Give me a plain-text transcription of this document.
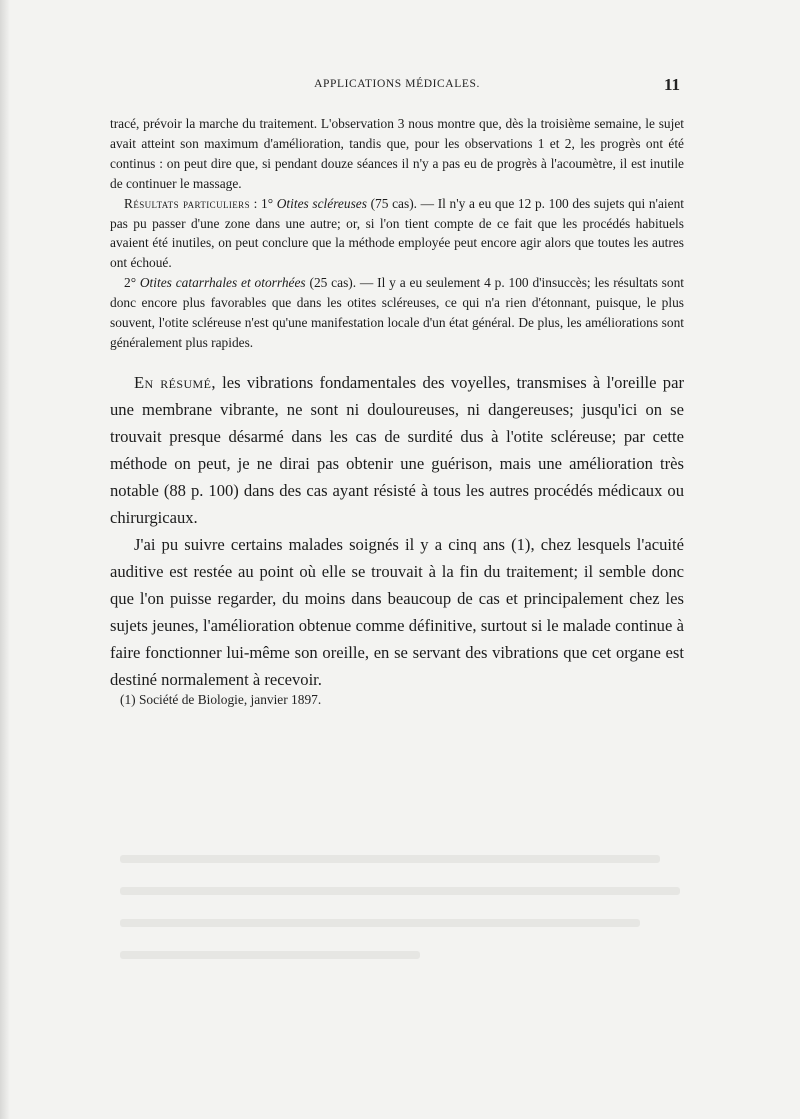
APPLICATIONS MÉDICALES.	11

tracé, prévoir la marche du traitement. L'observation 3 nous montre que, dès la troisième semaine, le sujet avait atteint son maximum d'amélioration, tandis que, pour les observations 1 et 2, les progrès ont été continus : on peut dire que, si pendant douze séances il n'y a pas eu de progrès à l'acoumètre, il est inutile de continuer le massage.

Résultats particuliers : 1° Otites scléreuses (75 cas). — Il n'y a eu que 12 p. 100 des sujets qui n'aient pas pu passer d'une zone dans une autre; or, si l'on tient compte de ce fait que les procédés habituels avaient été inutiles, on peut conclure que la méthode employée peut encore agir alors que toutes les autres ont échoué.

2° Otites catarrhales et otorrhées (25 cas). — Il y a eu seulement 4 p. 100 d'insuccès; les résultats sont donc encore plus favorables que dans les otites scléreuses, ce qui n'a rien d'étonnant, puisque, le plus souvent, l'otite scléreuse n'est qu'une manifestation locale d'un état général. De plus, les améliorations sont généralement plus rapides.

En résumé, les vibrations fondamentales des voyelles, transmises à l'oreille par une membrane vibrante, ne sont ni douloureuses, ni dangereuses; jusqu'ici on se trouvait presque désarmé dans les cas de surdité dus à l'otite scléreuse; par cette méthode on peut, je ne dirai pas obtenir une guérison, mais une amélioration très notable (88 p. 100) dans des cas ayant résisté à tous les autres procédés médicaux ou chirurgicaux.

J'ai pu suivre certains malades soignés il y a cinq ans (1), chez lesquels l'acuité auditive est restée au point où elle se trouvait à la fin du traitement; il semble donc que l'on puisse regarder, du moins dans beaucoup de cas et principalement chez les sujets jeunes, l'amélioration obtenue comme définitive, surtout si le malade continue à faire fonctionner lui-même son oreille, en se servant des vibrations que cet organe est destiné normalement à recevoir.

(1) Société de Biologie, janvier 1897.
